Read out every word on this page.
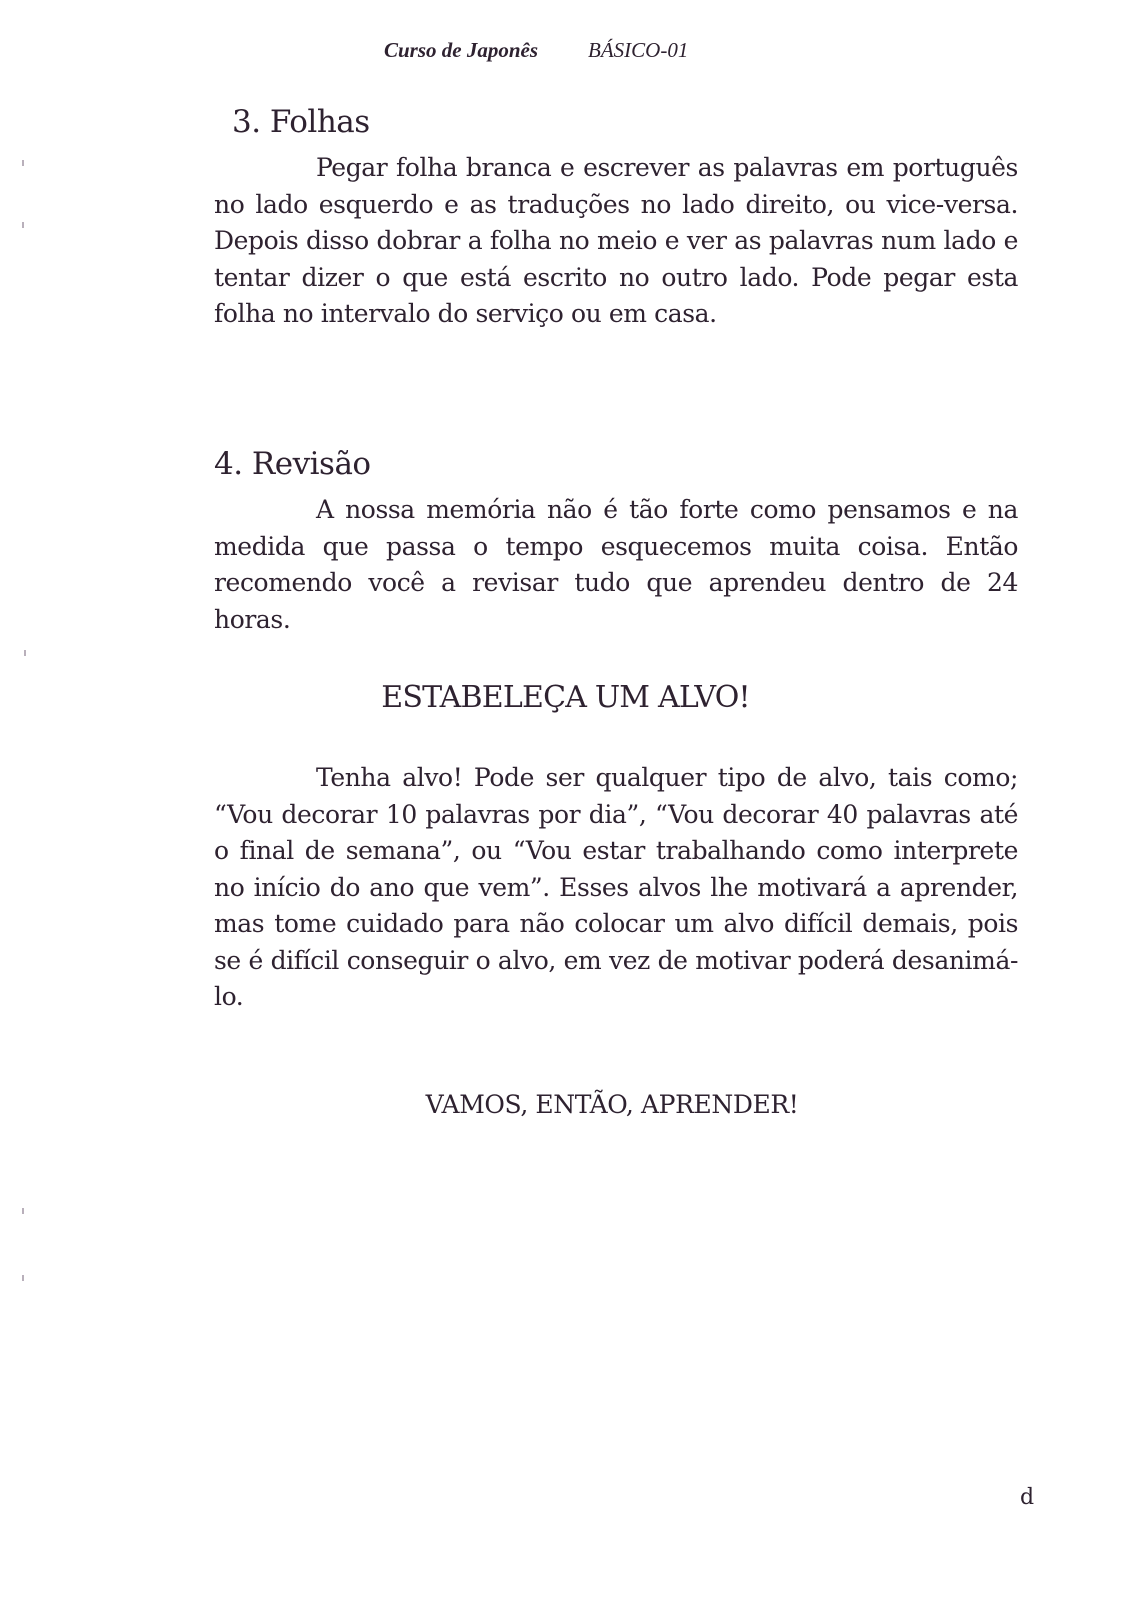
Curso de Japonês BÁSICO-01
3. Folhas

Pegar folha branca e escrever as palavras em português no lado esquerdo e as traduções no lado direito, ou vice-versa. Depois disso dobrar a folha no meio e ver as palavras num lado e tentar dizer o que está escrito no outro lado. Pode pegar esta folha no intervalo do serviço ou em casa.

4. Revisão

A nossa memória não é tão forte como pensamos e na medida que passa o tempo esquecemos muita coisa. Então recomendo você a revisar tudo que aprendeu dentro de 24 horas.

ESTABELEÇA UM ALVO!

Tenha alvo! Pode ser qualquer tipo de alvo, tais como; “Vou decorar 10 palavras por dia”, “Vou decorar 40 palavras até o final de semana”, ou “Vou estar trabalhando como interprete no início do ano que vem”. Esses alvos lhe motivará a aprender, mas tome cuidado para não colocar um alvo difícil demais, pois se é difícil conseguir o alvo, em vez de motivar poderá desanimá-lo.

VAMOS, ENTÃO, APRENDER!
d
